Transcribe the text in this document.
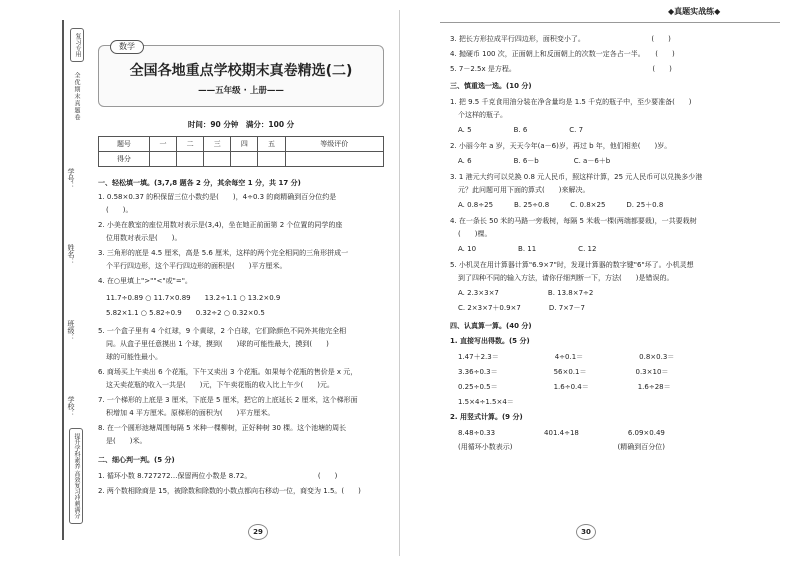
复习专用
全优期末真题卷
学号：
姓名：
班级：
学校：
提升学科素养 高效复习冲刺满分
数学
全国各地重点学校期末真卷精选(二)
——五年级 · 上册——
时间：90 分钟　满分：100 分
题号	一	二	三	四	五	等级评价
得分						
一、轻松填一填。(3,7,8 题各 2 分，其余每空 1 分，共 17 分)
1. 0.58×0.37 的积保留三位小数约是(　　)，4÷0.3 的商精确到百分位约是
(　　)。
2. 小美在教室的座位用数对表示是(3,4)，坐在她正前面第 2 个位置的同学的座
位用数对表示是(　　)。
3. 三角形的底是 4.5 厘米，高是 5.6 厘米，这样的两个完全相同的三角形拼成一
个平行四边形，这个平行四边形的面积是(　　)平方厘米。
4. 在○里填上">""<"或"="。
11.7÷0.89 ○ 11.7×0.89　　13.2÷1.1 ○ 13.2×0.9
5.82×1.1 ○ 5.82÷0.9　　0.32÷2 ○ 0.32×0.5
5. 一个盒子里有 4 个红球，9 个黄球，2 个白球，它们除颜色不同外其他完全相
同。从盒子里任意摸出 1 个球，摸到(　　)球的可能性最大，摸到(　　)
球的可能性最小。
6. 商场买上午卖出 6 个花瓶，下午又卖出 3 个花瓶。如果每个花瓶的售价是 x 元，
这天卖花瓶的收入一共是(　　)元，下午卖花瓶的收入比上午少(　　)元。
7. 一个梯形的上底是 3 厘米，下底是 5 厘米，把它的上底延长 2 厘米，这个梯形面
积增加 4 平方厘米。原梯形的面积为(　　)平方厘米。
8. 在一个圆形池塘周围每隔 5 米种一棵柳树，正好种树 30 棵。这个池塘的周长
是(　　)米。
二、细心判一判。(5 分)
1. 循环小数 8.727272…保留两位小数是 8.72。　　　　　　　　　　(　　)
2. 两个数相除商是 15，被除数和除数的小数点都向右移动一位，商变为 1.5。(　　)
29
◆真题实战练◆
3. 把长方形拉成平行四边形，面积变小了。　　　　　　　　　　(　　)
4. 抛硬币 100 次，正面朝上和反面朝上的次数一定各占一半。　　(　　)
5. 7－2.5x 是方程。　　　　　　　　　　　　　　　　　　　　(　　)
三、慎重选一选。(10 分)
1. 把 9.5 千克食用油分装在净含量均是 1.5 千克的瓶子中，至少要准备(　　)
个这样的瓶子。
A. 5　　　　　　B. 6　　　　　　C. 7
2. 小丽今年 a 岁，天天今年(a－6)岁，再过 b 年，他们相差(　　)岁。
A. 6　　　　　　B. 6－b　　　　　C. a－6＋b
3. 1 港元大约可以兑换 0.8 元人民币，照这样计算，25 元人民币可以兑换多少港
元？此问题可用下面的算式(　　)来解决。
A. 0.8÷25　　　B. 25÷0.8　　　C. 0.8×25　　　D. 25＋0.8
4. 在一条长 50 米的马路一旁栽树，每隔 5 米栽一棵(两端都要栽)，一共要栽树
(　　)棵。
A. 10　　　　　　B. 11　　　　　　C. 12
5. 小机灵在用计算器计算"6.9×7"时，发现计算器的数字键"6"坏了。小机灵想
到了四种不同的输入方法，请你仔细判断一下，方法(　　)是错误的。
A. 2.3×3×7　　　　　　　B. 13.8×7÷2
C. 2×3×7＋0.9×7　　　　D. 7×7－7
四、认真算一算。(40 分)
1. 直接写出得数。(5 分)
1.47＋2.3＝　　　　　　　　4÷0.1＝　　　　　　　　0.8×0.3＝
3.36÷0.3＝　　　　　　　　56×0.1＝　　　　　　　0.3×10＝
0.25÷0.5＝　　　　　　　　1.6÷0.4＝　　　　　　　1.6÷28＝
1.5×4÷1.5×4＝
2. 用竖式计算。(9 分)
8.48÷0.33　　　　　　　401.4÷18　　　　　　　6.09×0.49
(用循环小数表示)　　　　　　　　　　　　　　　(精确到百分位)
30
